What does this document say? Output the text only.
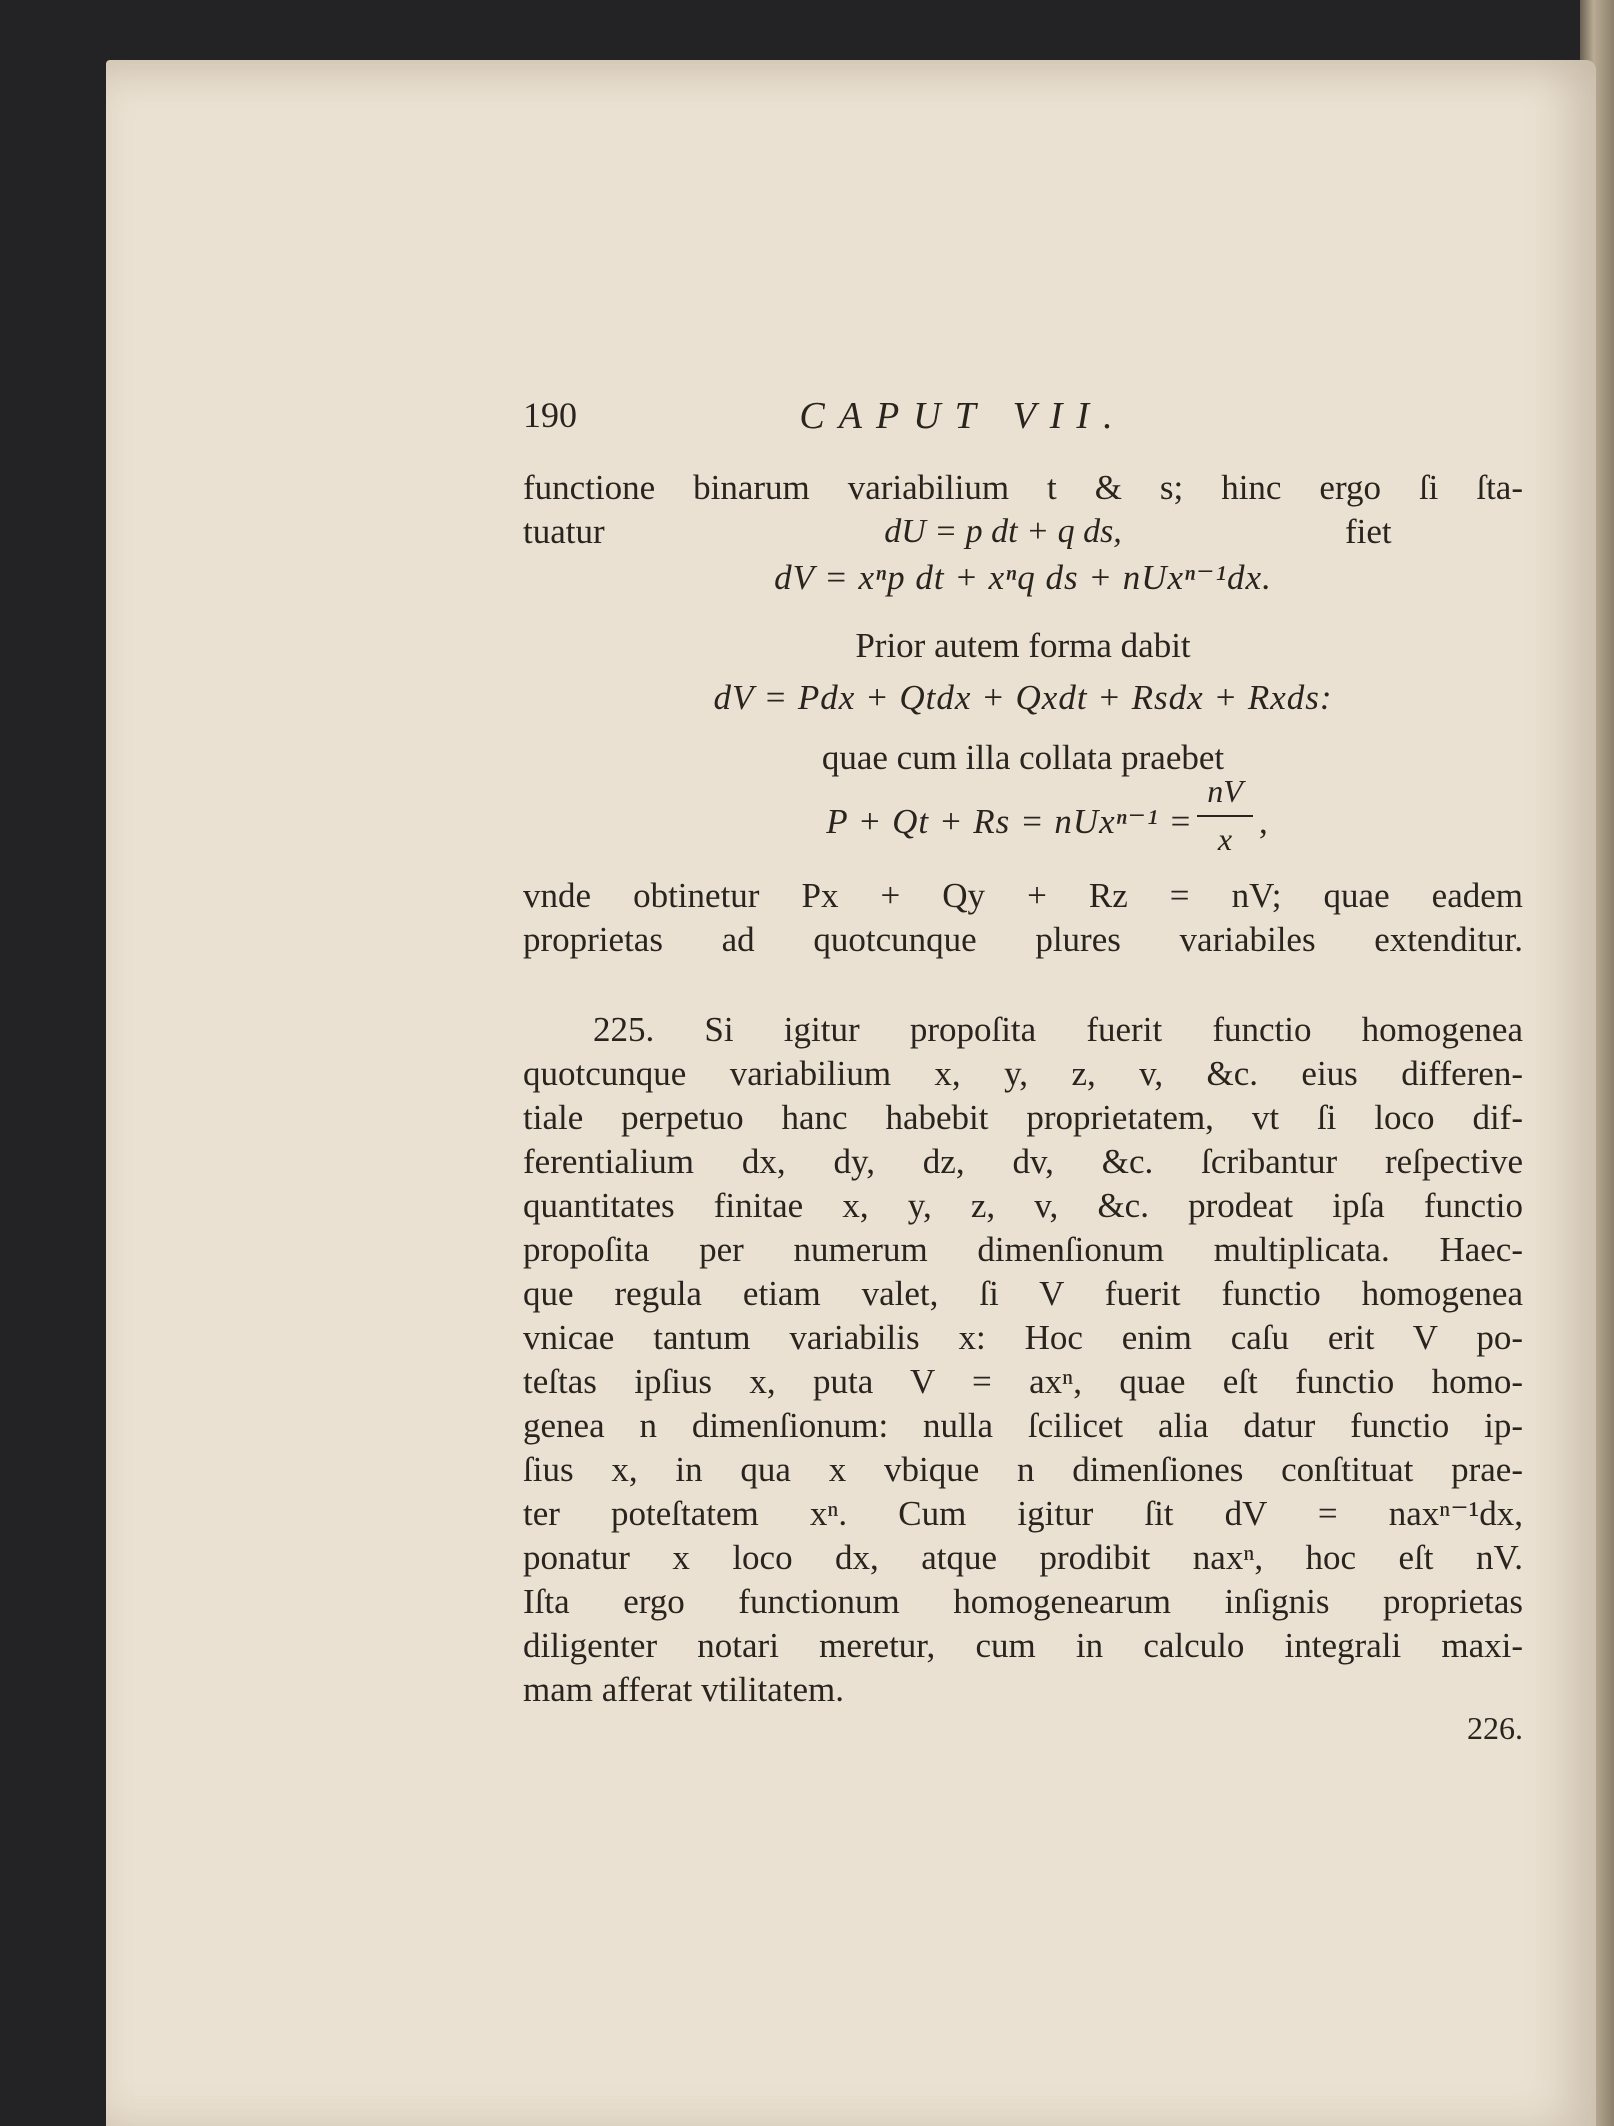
190	CAPUT VII.
functione binarum variabilium t & s; hinc ergo ſi ſta-
tuatur	dU = p dt + q ds,	fiet
dV = xⁿp dt + xⁿq ds + nUxⁿ⁻¹dx.
Prior autem forma dabit
dV = Pdx + Qtdx + Qxdt + Rsdx + Rxds:
quae cum illa collata praebet
P + Qt + Rs = nUxⁿ⁻¹ =
nV
x ,
vnde obtinetur Px + Qy + Rz = nV; quae eadem
proprietas ad quotcunque plures variabiles extenditur.
225. Si igitur propoſita fuerit functio homogenea
quotcunque variabilium x, y, z, v, &c. eius differen-
tiale perpetuo hanc habebit proprietatem, vt ſi loco dif-
ferentialium dx, dy, dz, dv, &c. ſcribantur reſpective
quantitates finitae x, y, z, v, &c. prodeat ipſa functio
propoſita per numerum dimenſionum multiplicata. Haec-
que regula etiam valet, ſi V fuerit functio homogenea
vnicae tantum variabilis x: Hoc enim caſu erit V po-
teſtas ipſius x, puta V = axⁿ, quae eſt functio homo-
genea n dimenſionum: nulla ſcilicet alia datur functio ip-
ſius x, in qua x vbique n dimenſiones conſtituat prae-
ter poteſtatem xⁿ. Cum igitur ſit dV = naxⁿ⁻¹dx,
ponatur x loco dx, atque prodibit naxⁿ, hoc eſt nV.
Iſta ergo functionum homogenearum inſignis proprietas
diligenter notari meretur, cum in calculo integrali maxi-
mam afferat vtilitatem.
226.
